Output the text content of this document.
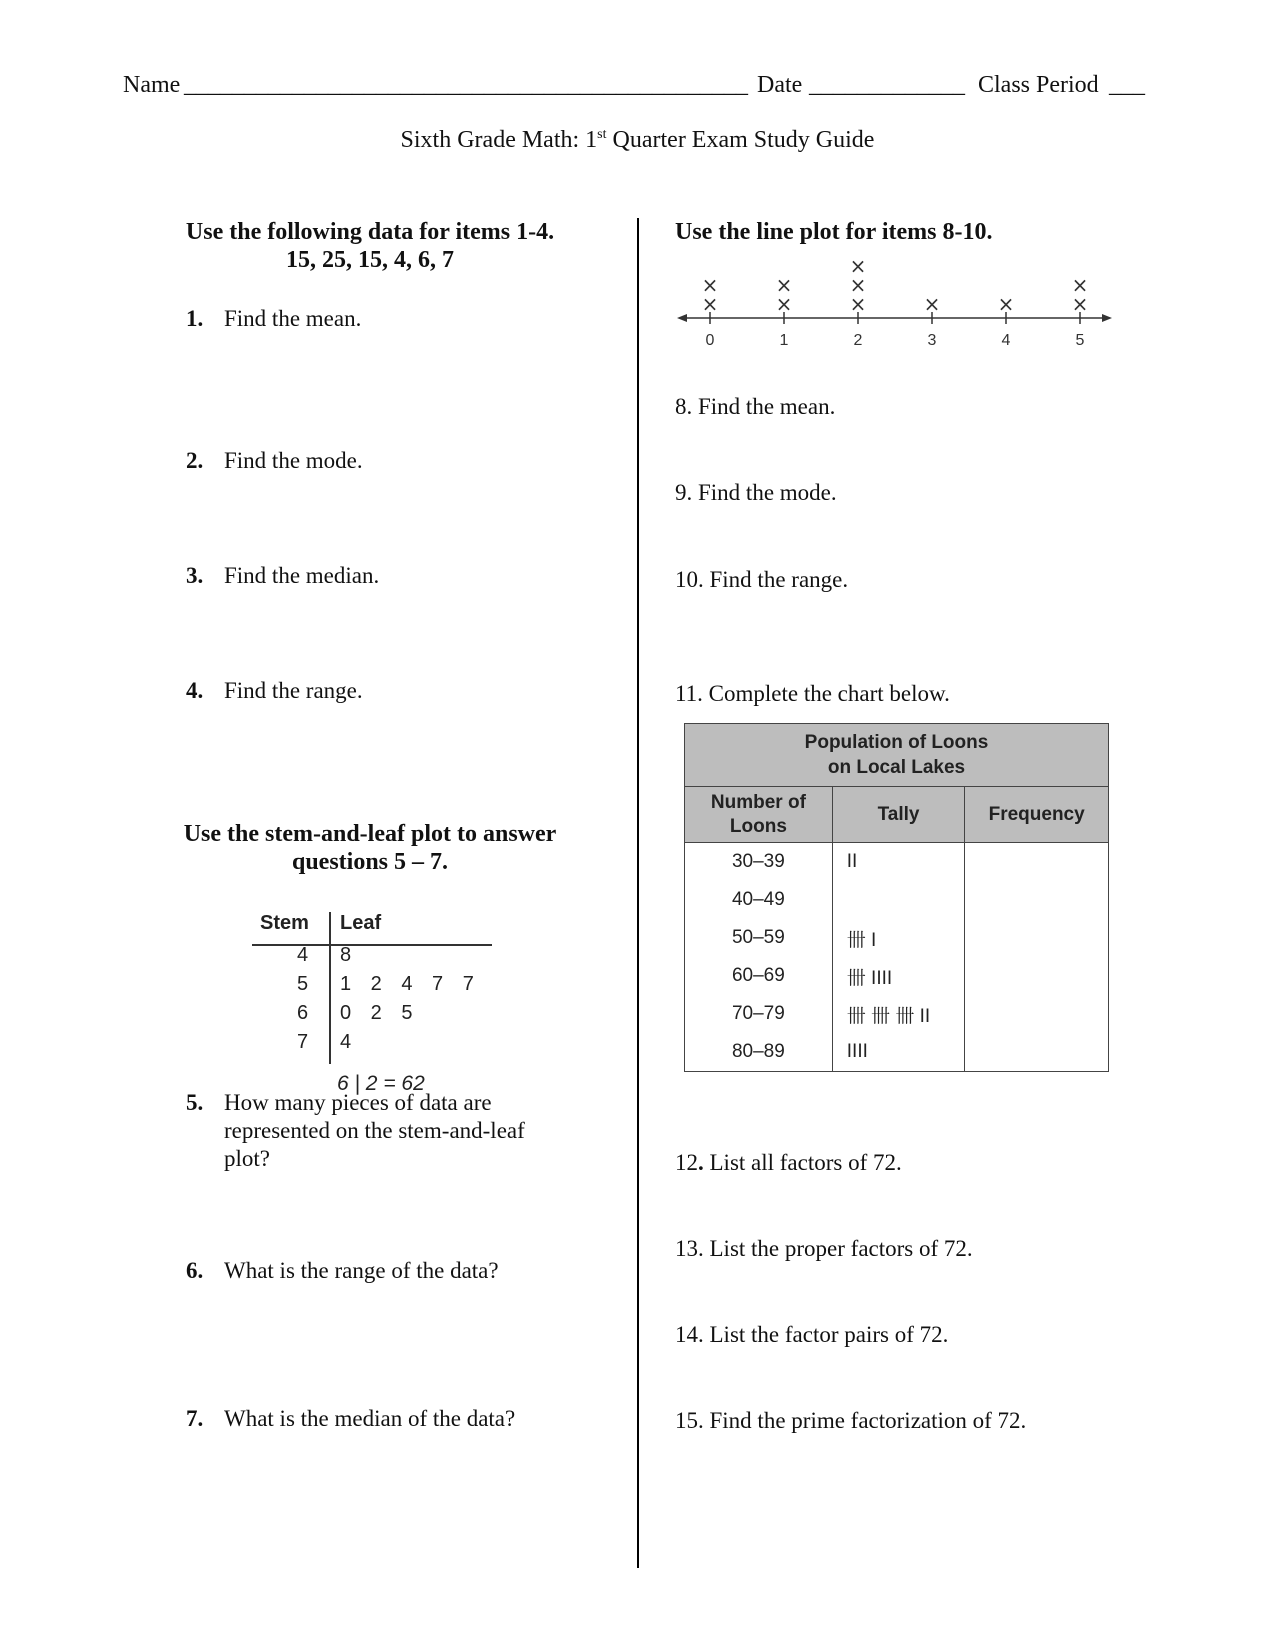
Name _______________________________________________ Date _____________ Class Period ___
Sixth Grade Math: 1st Quarter Exam Study Guide
Use the following data for items 1-4.
15, 25, 15, 4, 6, 7
1. Find the mean.
2. Find the mode.
3. Find the median.
4. Find the range.
Use the stem-and-leaf plot to answer
questions 5 – 7.
Stem Leaf
4 8
5 1 2 4 7 7
6 0 2 5
7 4
6 | 2 = 62
5. How many pieces of data are
represented on the stem-and-leaf
plot?
6. What is the range of the data?
7. What is the median of the data?
Use the line plot for items 8-10.
0
×
×
1
×
×
2
×
×
×
3
×
4
×
5
×
×
8. Find the mean.
9. Find the mode.
10. Find the range.
11. Complete the chart below.
Population of Loons
on Local Lakes		

Number of
Loons	Tally	Frequency
30–39	II	
40–49		
50–59	卌 I	
60–69	卌 IIII	
70–79	卌 卌 卌 II	
80–89	IIII	
12. List all factors of 72.
13. List the proper factors of 72.
14. List the factor pairs of 72.
15. Find the prime factorization of 72.
